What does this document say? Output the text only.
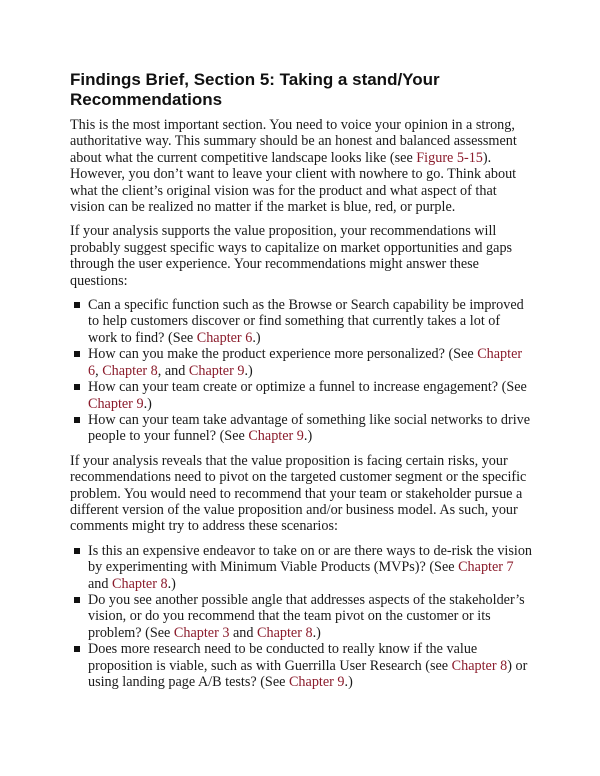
Findings Brief, Section 5: Taking a stand/Your Recommendations

This is the most important section. You need to voice your opinion in a strong, authoritative way. This summary should be an honest and balanced assessment about what the current competitive landscape looks like (see Figure 5-15). However, you don’t want to leave your client with nowhere to go. Think about what the client’s original vision was for the product and what aspect of that vision can be realized no matter if the market is blue, red, or purple.

If your analysis supports the value proposition, your recommendations will probably suggest specific ways to capitalize on market opportunities and gaps through the user experience. Your recommendations might answer these questions:

Can a specific function such as the Browse or Search capability be improved to help customers discover or find something that currently takes a lot of work to find? (See Chapter 6.)
How can you make the product experience more personalized? (See Chapter 6, Chapter 8, and Chapter 9.)
How can your team create or optimize a funnel to increase engagement? (See Chapter 9.)
How can your team take advantage of something like social networks to drive people to your funnel? (See Chapter 9.)

If your analysis reveals that the value proposition is facing certain risks, your recommendations need to pivot on the targeted customer segment or the specific problem. You would need to recommend that your team or stakeholder pursue a different version of the value proposition and/or business model. As such, your comments might try to address these scenarios:

Is this an expensive endeavor to take on or are there ways to de-risk the vision by experimenting with Minimum Viable Products (MVPs)? (See Chapter 7 and Chapter 8.)
Do you see another possible angle that addresses aspects of the stakeholder’s vision, or do you recommend that the team pivot on the customer or its problem? (See Chapter 3 and Chapter 8.)
Does more research need to be conducted to really know if the value proposition is viable, such as with Guerrilla User Research (see Chapter 8) or using landing page A/B tests? (See Chapter 9.)
